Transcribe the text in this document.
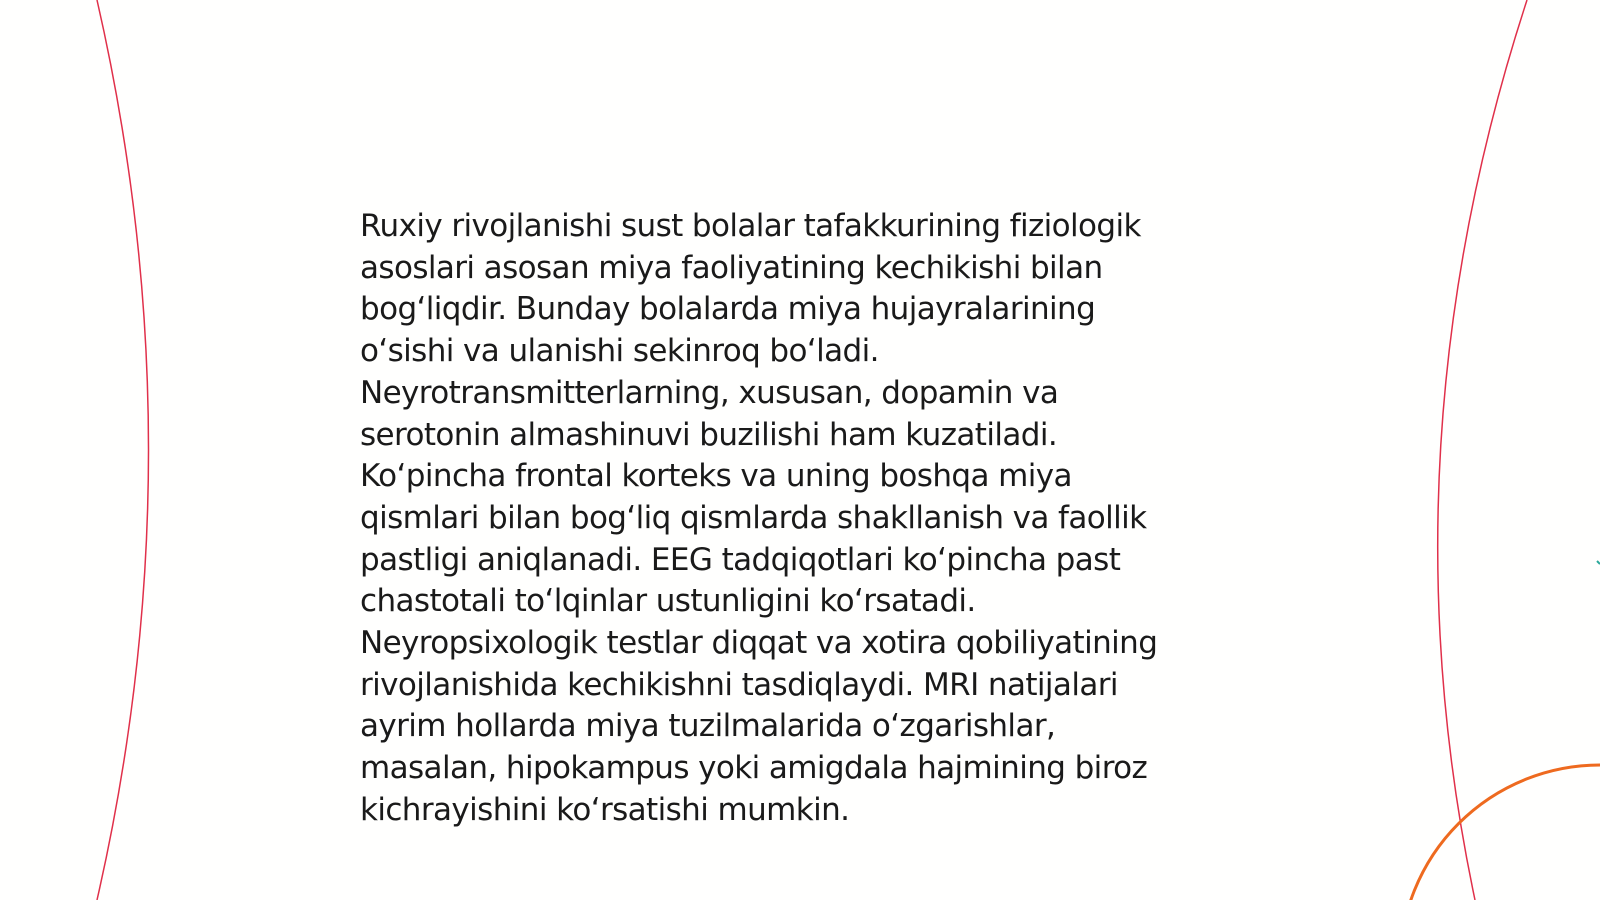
Ruxiy rivojlanishi sust bolalar tafakkurining fiziologik
asoslari asosan miya faoliyatining kechikishi bilan
bog‘liqdir. Bunday bolalarda miya hujayralarining
o‘sishi va ulanishi sekinroq bo‘ladi.
Neyrotransmitterlarning, xususan, dopamin va
serotonin almashinuvi buzilishi ham kuzatiladi.
Ko‘pincha frontal korteks va uning boshqa miya
qismlari bilan bog‘liq qismlarda shakllanish va faollik
pastligi aniqlanadi. EEG tadqiqotlari ko‘pincha past
chastotali to‘lqinlar ustunligini ko‘rsatadi.
Neyropsixologik testlar diqqat va xotira qobiliyatining
rivojlanishida kechikishni tasdiqlaydi. MRI natijalari
ayrim hollarda miya tuzilmalarida o‘zgarishlar,
masalan, hipokampus yoki amigdala hajmining biroz
kichrayishini ko‘rsatishi mumkin.
